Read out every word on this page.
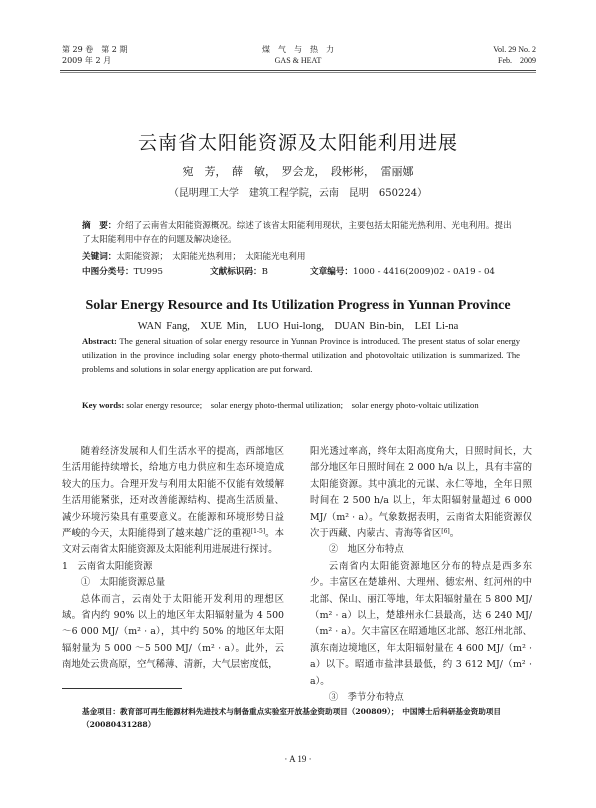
第 29 卷　第 2 期
2009 年 2 月
煤　气　与　热　力
GAS & HEAT
Vol. 29 No. 2
Feb.　2009
云南省太阳能资源及太阳能利用进展
宛　芳，　薛　敏，　罗会龙，　段彬彬，　雷丽娜
（昆明理工大学　建筑工程学院，云南　昆明　650224）
摘　要：介绍了云南省太阳能资源概况。综述了该省太阳能利用现状，主要包括太阳能光热利用、光电利用。提出了太阳能利用中存在的问题及解决途径。
关键词：太阳能资源；　太阳能光热利用；　太阳能光电利用
中图分类号：TU995	文献标识码：B	文章编号：1000 - 4416(2009)02 - 0A19 - 04
Solar Energy Resource and Its Utilization Progress in Yunnan Province
WAN Fang,　XUE Min,　LUO Hui-long,　DUAN Bin-bin,　LEI Li-na
Abstract: The general situation of solar energy resource in Yunnan Province is introduced. The present status of solar energy utilization in the province including solar energy photo-thermal utilization and photovoltaic utilization is summarized. The problems and solutions in solar energy application are put forward.
Key words: solar energy resource;　solar energy photo-thermal utilization;　solar energy photo-voltaic utilization

随着经济发展和人们生活水平的提高，西部地区生活用能持续增长，给地方电力供应和生态环境造成较大的压力。合理开发与利用太阳能不仅能有效缓解生活用能紧张，还对改善能源结构、提高生活质量、减少环境污染具有重要意义。在能源和环境形势日益严峻的今天，太阳能得到了越来越广泛的重视[1-5]。本文对云南省太阳能资源及太阳能利用进展进行探讨。

1　云南省太阳能资源

①　太阳能资源总量

总体而言，云南处于太阳能开发利用的理想区域。省内约 90% 以上的地区年太阳辐射量为 4 500 ～6 000 MJ/（m² · a），其中约 50% 的地区年太阳辐射量为 5 000 ～5 500 MJ/（m² · a）。此外，云南地处云贵高原，空气稀薄、清新，大气层密度低，

阳光透过率高，终年太阳高度角大，日照时间长，大部分地区年日照时间在 2 000 h/a 以上，具有丰富的太阳能资源。其中滇北的元谋、永仁等地，全年日照时间在 2 500 h/a 以上，年太阳辐射量超过 6 000 MJ/（m² · a）。气象数据表明，云南省太阳能资源仅次于西藏、内蒙古、青海等省区[6]。

②　地区分布特点

云南省内太阳能资源地区分布的特点是西多东少。丰富区在楚雄州、大理州、德宏州、红河州的中北部、保山、丽江等地，年太阳辐射量在 5 800 MJ/（m² · a）以上，楚雄州永仁县最高，达 6 240 MJ/（m² · a）。欠丰富区在昭通地区北部、怒江州北部、滇东南边境地区，年太阳辐射量在 4 600 MJ/（m² · a）以下。昭通市盐津县最低，约 3 612 MJ/（m² · a）。

③　季节分布特点

基金项目：教育部可再生能源材料先进技术与制备重点实验室开放基金资助项目（200809）；　中国博士后科研基金资助项目（20080431288）
· A 19 ·
